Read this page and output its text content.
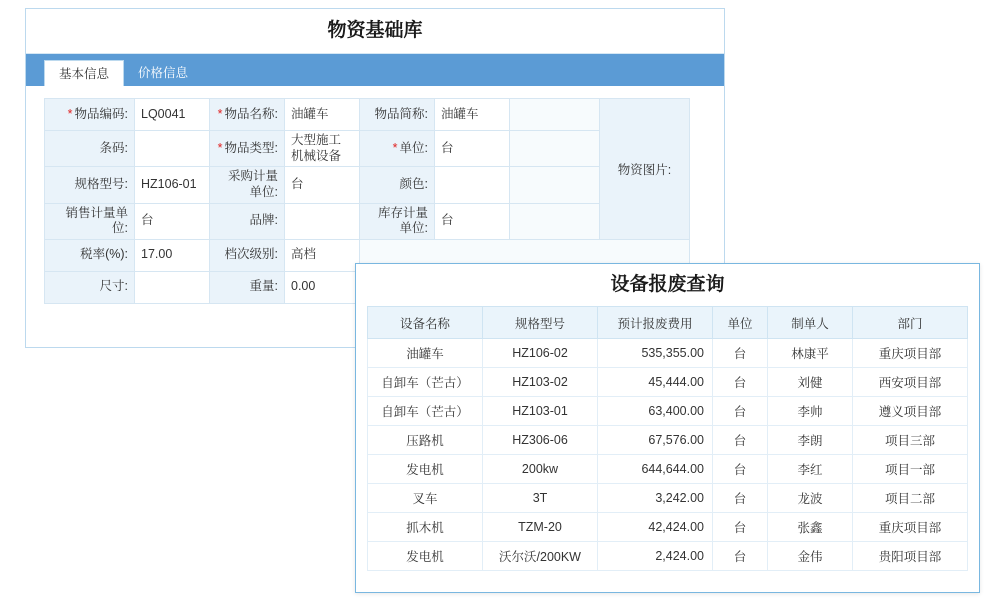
物资基础库
基本信息	价格信息
* 物品编码:	LQ0041	* 物品名称:	油罐车	物品简称:	油罐车		物资图片:
条码:		* 物品类型:	大型施工机械设备	* 单位:	台		
规格型号:	HZ106-01	采购计量单位:	台	颜色:			
销售计量单位:	台	品牌:		库存计量单位:	台		
税率(%):	17.00	档次级别:	高档				
尺寸:		重量:	0.00					设备报废查询
设备名称	规格型号	预计报废费用	单位	制单人	部门
油罐车	HZ106-02	535,355.00	台	林康平	重庆项目部
自卸车（芒古）	HZ103-02	45,444.00	台	刘健	西安项目部
自卸车（芒古）	HZ103-01	63,400.00	台	李帅	遵义项目部
压路机	HZ306-06	67,576.00	台	李朗	项目三部
发电机	200kw	644,644.00	台	李红	项目一部
叉车	3T	3,242.00	台	龙波	项目二部
抓木机	TZM-20	42,424.00	台	张鑫	重庆项目部
发电机	沃尔沃/200KW	2,424.00	台	金伟	贵阳项目部
